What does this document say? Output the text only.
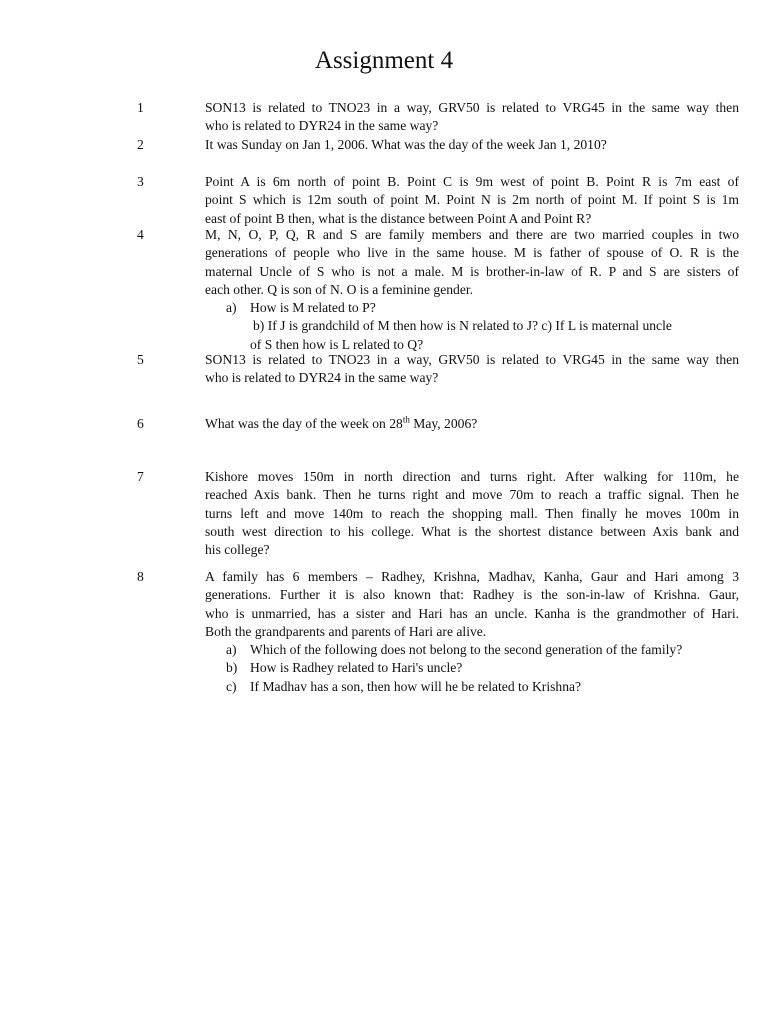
Assignment 4
1	SON13 is related to TNO23 in a way, GRV50 is related to VRG45 in the same way then
who is related to DYR24 in the same way?
2	It was Sunday on Jan 1, 2006. What was the day of the week Jan 1, 2010?
3	Point A is 6m north of point B. Point C is 9m west of point B. Point R is 7m east of
point S which is 12m south of point M. Point N is 2m north of point M. If point S is 1m
east of point B then, what is the distance between Point A and Point R?
4	M, N, O, P, Q, R and S are family members and there are two married couples in two
generations of people who live in the same house. M is father of spouse of O. R is the
maternal Uncle of S who is not a male. M is brother-in-law of R. P and S are sisters of
each other. Q is son of N. O is a feminine gender.
a) How is M related to P?
b) If J is grandchild of M then how is N related to J? c) If L is maternal uncle
of S then how is L related to Q?
5	SON13 is related to TNO23 in a way, GRV50 is related to VRG45 in the same way then
who is related to DYR24 in the same way?
6	What was the day of the week on 28th May, 2006?
7	Kishore moves 150m in north direction and turns right. After walking for 110m, he
reached Axis bank. Then he turns right and move 70m to reach a traffic signal. Then he
turns left and move 140m to reach the shopping mall. Then finally he moves 100m in
south west direction to his college. What is the shortest distance between Axis bank and
his college?
8	A family has 6 members – Radhey, Krishna, Madhav, Kanha, Gaur and Hari among 3
generations. Further it is also known that: Radhey is the son-in-law of Krishna. Gaur,
who is unmarried, has a sister and Hari has an uncle. Kanha is the grandmother of Hari.
Both the grandparents and parents of Hari are alive.
a) Which of the following does not belong to the second generation of the family?
b) How is Radhey related to Hari's uncle?
c) If Madhav has a son, then how will he be related to Krishna?
